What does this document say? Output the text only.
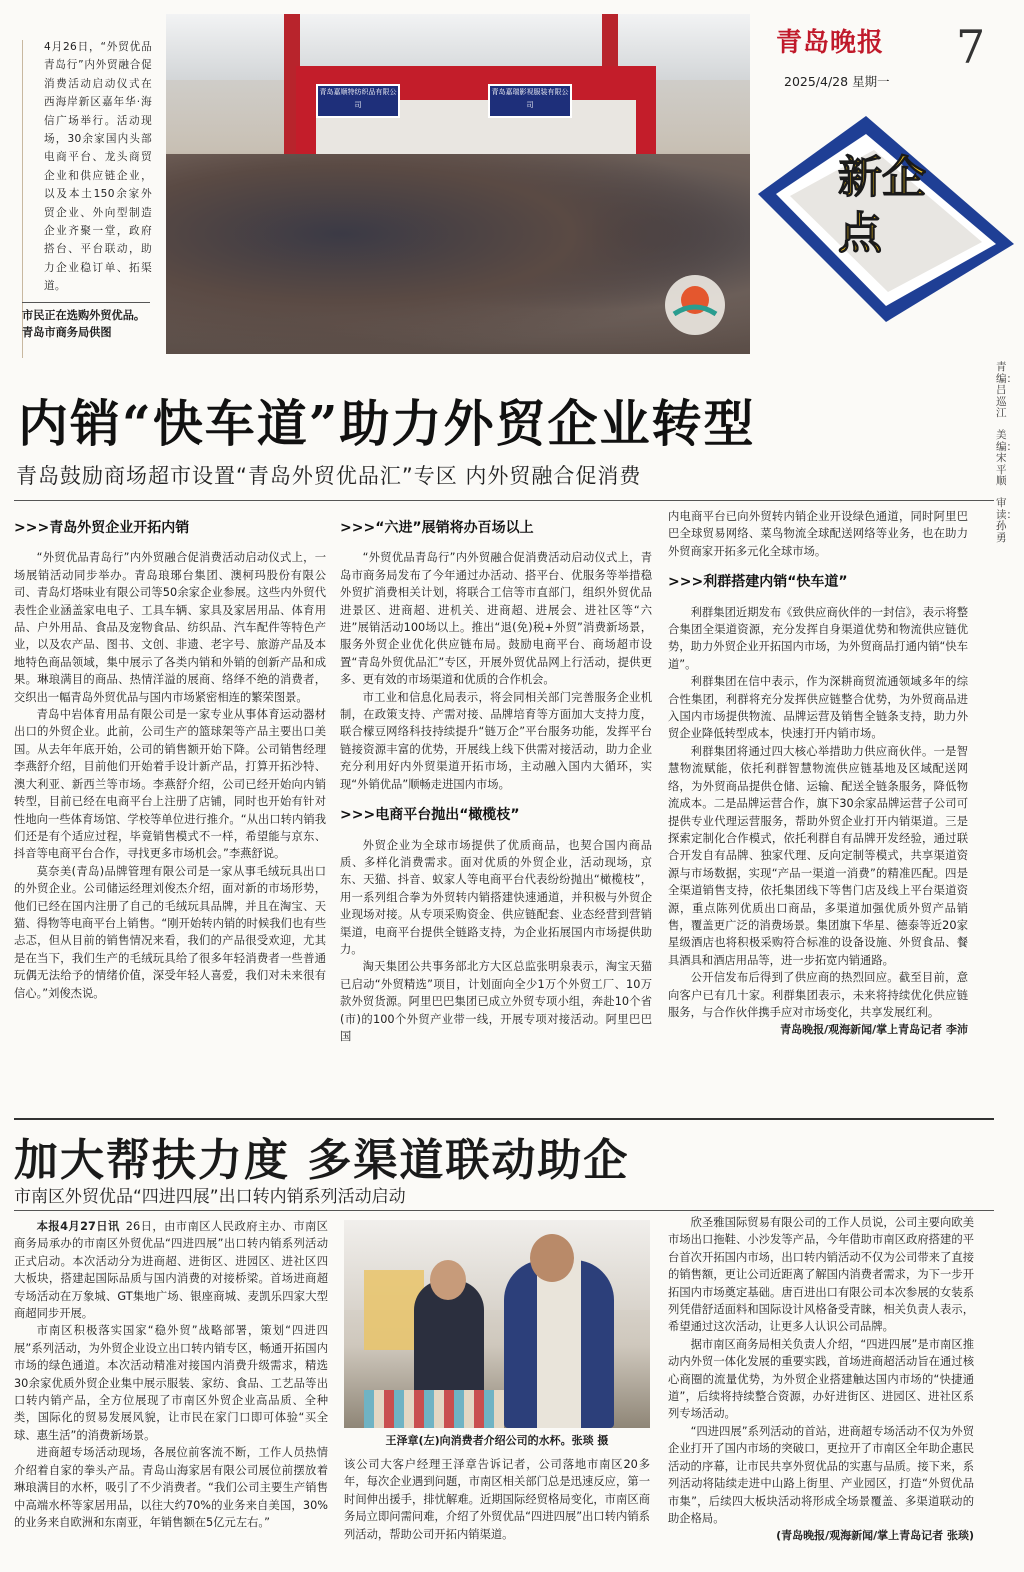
4月26日，“外贸优品青岛行”内外贸融合促消费活动启动仪式在西海岸新区嘉年华·海信广场举行。活动现场，30余家国内头部电商平台、龙头商贸企业和供应链企业，以及本土150余家外贸企业、外向型制造企业齐聚一堂，政府搭台、平台联动，助力企业稳订单、拓渠道。
市民正在选购外贸优品。青岛市商务局供图
青岛嘉顺特纺织品有限公司
青岛嘉瑞影视服装有限公司
青岛晚报 7
2025/4/28 星期一
新企点
青编：吕巡江
美编：宋平顺
审读：孙勇
内销“快车道”助力外贸企业转型
青岛鼓励商场超市设置“青岛外贸优品汇”专区 内外贸融合促消费
>>>青岛外贸企业开拓内销

“外贸优品青岛行”内外贸融合促消费活动启动仪式上，一场展销活动同步举办。青岛琅琊台集团、澳柯玛股份有限公司、青岛灯塔味业有限公司等50余家企业参展。这些内外贸代表性企业涵盖家电电子、工具车辆、家具及家居用品、体育用品、户外用品、食品及宠物食品、纺织品、汽车配件等特色产业，以及农产品、图书、文创、非遗、老字号、旅游产品及本地特色商品领域，集中展示了各类内销和外销的创新产品和成果。琳琅满目的商品、热情洋溢的展商、络绎不绝的消费者，交织出一幅青岛外贸优品与国内市场紧密相连的繁荣图景。

青岛中岩体育用品有限公司是一家专业从事体育运动器材出口的外贸企业。此前，公司生产的篮球架等产品主要出口美国。从去年年底开始，公司的销售额开始下降。公司销售经理李燕舒介绍，目前他们开始着手设计新产品，打算开拓沙特、澳大利亚、新西兰等市场。李燕舒介绍，公司已经开始向内销转型，目前已经在电商平台上注册了店铺，同时也开始有针对性地向一些体育场馆、学校等单位进行推介。“从出口转内销我们还是有个适应过程，毕竟销售模式不一样，希望能与京东、抖音等电商平台合作，寻找更多市场机会。”李燕舒说。

莫奈美(青岛)品牌管理有限公司是一家从事毛绒玩具出口的外贸企业。公司储运经理刘俊杰介绍，面对新的市场形势，他们已经在国内注册了自己的毛绒玩具品牌，并且在淘宝、天猫、得物等电商平台上销售。“刚开始转内销的时候我们也有些忐忑，但从目前的销售情况来看，我们的产品很受欢迎，尤其是在当下，我们生产的毛绒玩具给了很多年轻消费者一些普通玩偶无法给予的情绪价值，深受年轻人喜爱，我们对未来很有信心。”刘俊杰说。

>>>“六进”展销将办百场以上

“外贸优品青岛行”内外贸融合促消费活动启动仪式上，青岛市商务局发布了今年通过办活动、搭平台、优服务等举措稳外贸扩消费相关计划，将联合工信等市直部门，组织外贸优品进景区、进商超、进机关、进商超、进展会、进社区等“六进”展销活动100场以上。推出“退(免)税+外贸”消费新场景，服务外贸企业优化供应链布局。鼓励电商平台、商场超市设置“青岛外贸优品汇”专区，开展外贸优品网上行活动，提供更多、更有效的市场渠道和优质的合作机会。

市工业和信息化局表示，将会同相关部门完善服务企业机制，在政策支持、产需对接、品牌培育等方面加大支持力度，联合檬豆网络科技持续提升“链万企”平台服务功能，发挥平台链接资源丰富的优势，开展线上线下供需对接活动，助力企业充分利用好内外贸渠道开拓市场，主动融入国内大循环，实现“外销优品”顺畅走进国内市场。

>>>电商平台抛出“橄榄枝”

外贸企业为全球市场提供了优质商品，也契合国内商品质、多样化消费需求。面对优质的外贸企业，活动现场，京东、天猫、抖音、蚁家人等电商平台代表纷纷抛出“橄榄枝”，用一系列组合拳为外贸转内销搭建快速通道，并积极与外贸企业现场对接。从专项采购资金、供应链配套、业态经营到营销渠道，电商平台提供全链路支持，为企业拓展国内市场提供助力。

淘天集团公共事务部北方大区总监张明泉表示，淘宝天猫已启动“外贸精选”项目，计划面向全少1万个外贸工厂、10万款外贸货源。阿里巴巴集团已成立外贸专项小组，奔赴10个省(市)的100个外贸产业带一线，开展专项对接活动。阿里巴巴国

内电商平台已向外贸转内销企业开设绿色通道，同时阿里巴巴全球贸易网络、菜鸟物流全球配送网络等业务，也在助力外贸商家开拓多元化全球市场。

>>>利群搭建内销“快车道”

利群集团近期发布《致供应商伙伴的一封信》，表示将整合集团全渠道资源，充分发挥自身渠道优势和物流供应链优势，助力外贸企业开拓国内市场，为外贸商品打通内销“快车道”。

利群集团在信中表示，作为深耕商贸流通领域多年的综合性集团，利群将充分发挥供应链整合优势，为外贸商品进入国内市场提供物流、品牌运营及销售全链条支持，助力外贸企业降低转型成本，快速打开内销市场。

利群集团将通过四大核心举措助力供应商伙伴。一是智慧物流赋能，依托利群智慧物流供应链基地及区域配送网络，为外贸商品提供仓储、运输、配送全链条服务，降低物流成本。二是品牌运营合作，旗下30余家品牌运营子公司可提供专业代理运营服务，帮助外贸企业打开内销渠道。三是探索定制化合作模式，依托利群自有品牌开发经验，通过联合开发自有品牌、独家代理、反向定制等模式，共享渠道资源与市场数据，实现“产品一渠道一消费”的精准匹配。四是全渠道销售支持，依托集团线下等售门店及线上平台渠道资源，重点陈列优质出口商品，多渠道加强优质外贸产品销售，覆盖更广泛的消费场景。集团旗下华星、德泰等近20家星级酒店也将积极采购符合标准的设备设施、外贸食品、餐具酒具和酒店用品等，进一步拓宽内销通路。

公开信发布后得到了供应商的热烈回应。截至目前，意向客户已有几十家。利群集团表示，未来将持续优化供应链服务，与合作伙伴携手应对市场变化，共享发展红利。

青岛晚报/观海新闻/掌上青岛记者 李沛
加大帮扶力度 多渠道联动助企
市南区外贸优品“四进四展”出口转内销系列活动启动

本报4月27日讯 26日，由市南区人民政府主办、市南区商务局承办的市南区外贸优品“四进四展”出口转内销系列活动正式启动。本次活动分为进商超、进街区、进园区、进社区四大板块，搭建起国际品质与国内消费的对接桥梁。首场进商超专场活动在万象城、GT集地广场、银座商城、麦凯乐四家大型商超同步开展。

市南区积极落实国家“稳外贸”战略部署，策划“四进四展”系列活动，为外贸企业设立出口转内销专区，畅通开拓国内市场的绿色通道。本次活动精准对接国内消费升级需求，精选30余家优质外贸企业集中展示服装、家纺、食品、工艺品等出口转内销产品，全方位展现了市南区外贸企业高品质、全种类，国际化的贸易发展风貌，让市民在家门口即可体验“买全球、惠生活”的消费新场景。

进商超专场活动现场，各展位前客流不断，工作人员热情介绍着自家的拳头产品。青岛山海家居有限公司展位前摆放着琳琅满目的水杯，吸引了不少消费者。“我们公司主要生产销售中高端水杯等家居用品，以往大约70%的业务来自美国，30%的业务来自欧洲和东南亚，年销售额在5亿元左右。”

王泽章(左)向消费者介绍公司的水杯。张琰 摄

该公司大客户经理王泽章告诉记者，公司落地市南区20多年，每次企业遇到问题，市南区相关部门总是迅速反应，第一时间伸出援手，排忧解难。近期国际经贸格局变化，市南区商务局立即问需问难，介绍了外贸优品“四进四展”出口转内销系列活动，帮助公司开拓内销渠道。

欣圣雅国际贸易有限公司的工作人员说，公司主要向欧美市场出口拖鞋、小沙发等产品，今年借助市南区政府搭建的平台首次开拓国内市场，出口转内销活动不仅为公司带来了直接的销售额，更让公司近距离了解国内消费者需求，为下一步开拓国内市场奠定基础。唐百进出口有限公司本次参展的女装系列凭借舒适面料和国际设计风格备受青睐，相关负责人表示，希望通过这次活动，让更多人认识公司品牌。

据市南区商务局相关负责人介绍，“四进四展”是市南区推动内外贸一体化发展的重要实践，首场进商超活动旨在通过核心商圈的流量优势，为外贸企业搭建触达国内市场的“快捷通道”，后续将持续整合资源，办好进街区、进园区、进社区系列专场活动。

“四进四展”系列活动的首站，进商超专场活动不仅为外贸企业打开了国内市场的突破口，更拉开了市南区全年助企惠民活动的序幕，让市民共享外贸优品的实惠与品质。接下来，系列活动将陆续走进中山路上街里、产业园区，打造“外贸优品市集”，后续四大板块活动将形成全场景覆盖、多渠道联动的助企格局。

(青岛晚报/观海新闻/掌上青岛记者 张琰)
